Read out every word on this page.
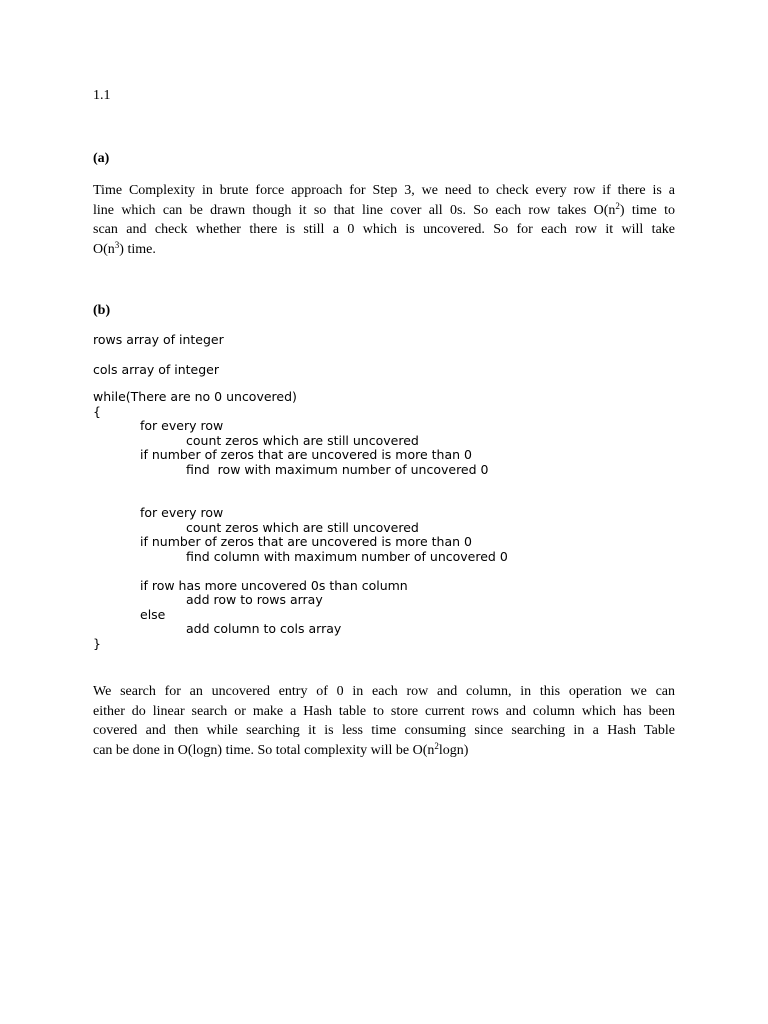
1.1
(a)
Time Complexity in brute force approach for Step 3, we need to check every row if there is a
line which can be drawn though it so that line cover all 0s. So each row takes $O(n^2)$ time to
scan and check whether there is still a 0 which is uncovered. So for each row it will take
$O(n^3)$ time.
(b)
rows array of integer
cols array of integer
while(There are no 0 uncovered)
{
for every row
count zeros which are still uncovered
if number of zeros that are uncovered is more than 0
find  row with maximum number of uncovered 0
for every row
count zeros which are still uncovered
if number of zeros that are uncovered is more than 0
find column with maximum number of uncovered 0
if row has more uncovered 0s than column
add row to rows array
else
add column to cols array
}
We search for an uncovered entry of 0 in each row and column, in this operation we can
either do linear search or make a Hash table to store current rows and column which has been
covered and then while searching it is less time consuming since searching in a Hash Table
can be done in O(logn) time. So total complexity will be $O(n^2\log n)$
